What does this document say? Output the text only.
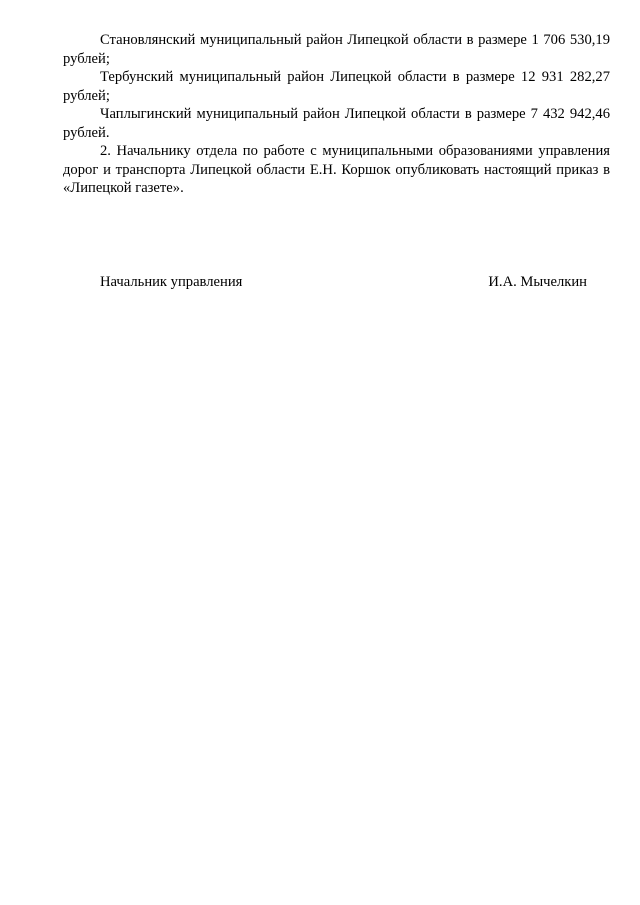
Становлянский муниципальный район Липецкой области в размере 1 706 530,19 рублей;

Тербунский муниципальный район Липецкой области в размере 12 931 282,27 рублей;

Чаплыгинский муниципальный район Липецкой области в размере 7 432 942,46 рублей.

2. Начальнику отдела по работе с муниципальными образованиями управления дорог и транспорта Липецкой области Е.Н. Коршок опубликовать настоящий приказ в «Липецкой газете».

Начальник управления	И.А. Мычелкин
